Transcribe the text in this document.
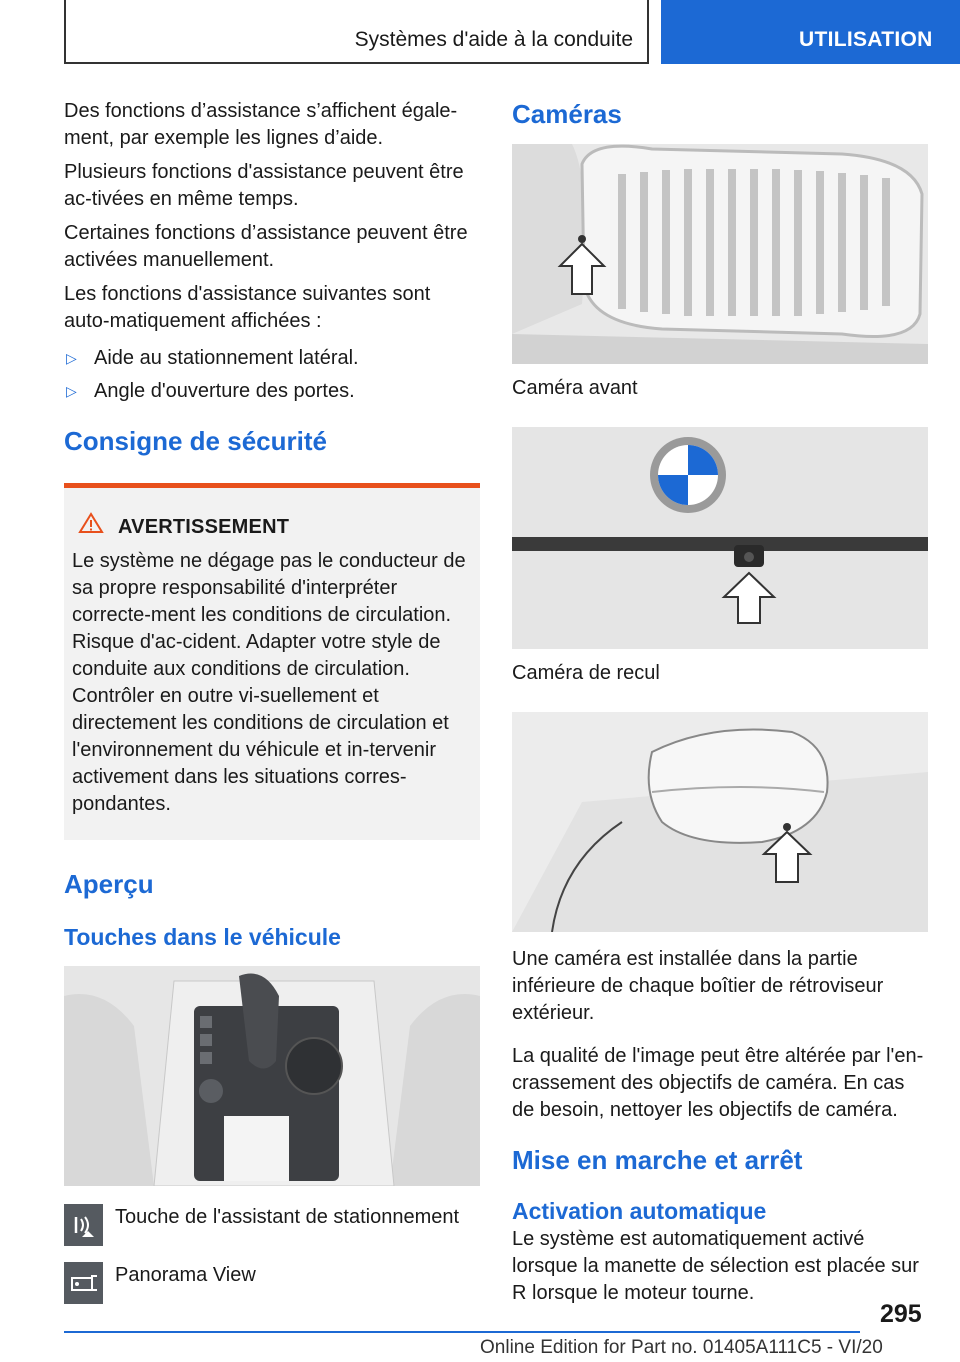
Systèmes d'aide à la conduite	UTILISATION

Des fonctions d’assistance s’affichent égale-ment, par exemple les lignes d’aide.

Plusieurs fonctions d'assistance peuvent être ac-tivées en même temps.

Certaines fonctions d’assistance peuvent être activées manuellement.

Les fonctions d'assistance suivantes sont auto-matiquement affichées :

▷ Aide au stationnement latéral.
▷ Angle d'ouverture des portes.
Consigne de sécurité
AVERTISSEMENT

Le système ne dégage pas le conducteur de sa propre responsabilité d'interpréter correcte-ment les conditions de circulation. Risque d'ac-cident. Adapter votre style de conduite aux conditions de circulation. Contrôler en outre vi-suellement et directement les conditions de circulation et l'environnement du véhicule et in-tervenir activement dans les situations corres-pondantes.

Aperçu
Touches dans le véhicule
Touche de l'assistant de stationnement
Panorama View
Caméras

Caméra avant

Caméra de recul

Une caméra est installée dans la partie inférieure de chaque boîtier de rétroviseur extérieur.

La qualité de l'image peut être altérée par l'en-crassement des objectifs de caméra. En cas de besoin, nettoyer les objectifs de caméra.

Mise en marche et arrêt
Activation automatique

Le système est automatiquement activé lorsque la manette de sélection est placée sur R lorsque le moteur tourne.

295
Online Edition for Part no. 01405A111C5 - VI/20
